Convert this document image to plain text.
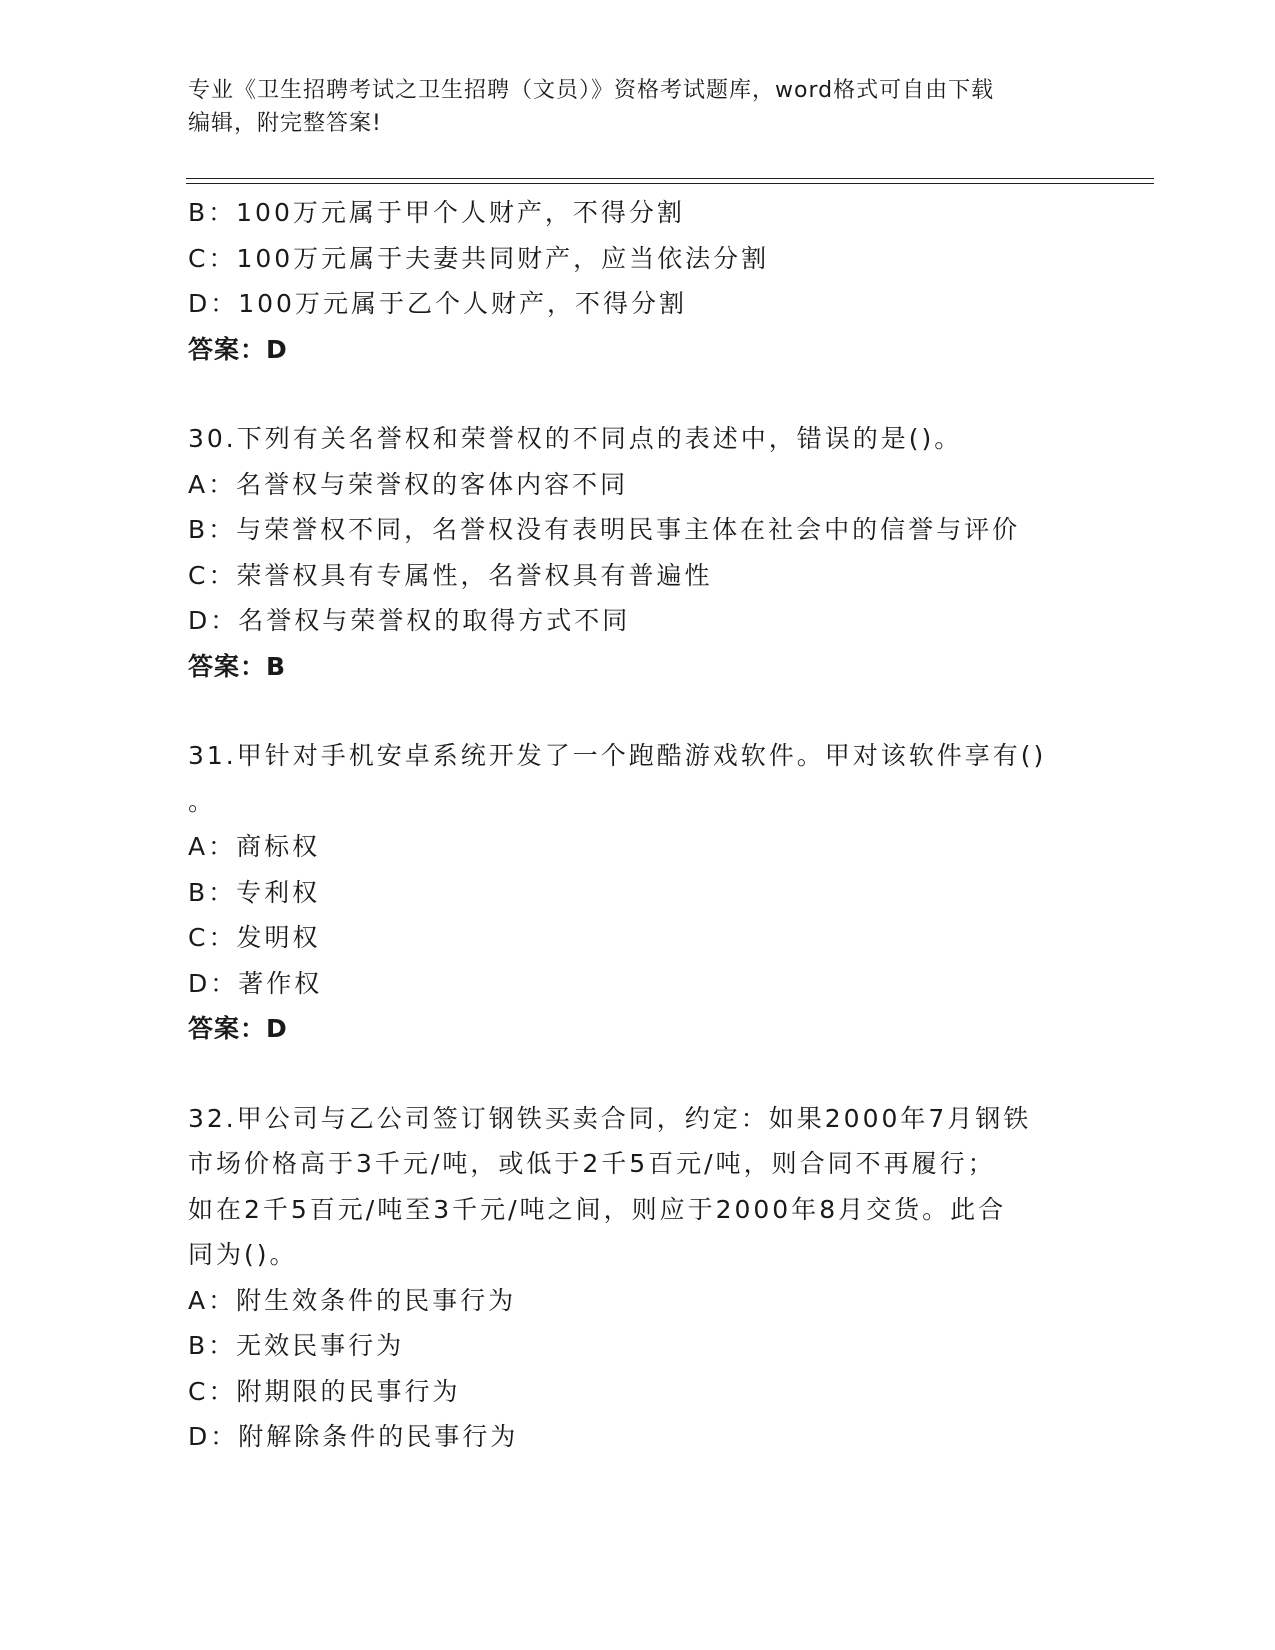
专业《卫生招聘考试之卫生招聘（文员）》资格考试题库，word格式可自由下载
编辑，附完整答案!
B：100万元属于甲个人财产，不得分割
C：100万元属于夫妻共同财产，应当依法分割
D：100万元属于乙个人财产，不得分割
答案：D
30.下列有关名誉权和荣誉权的不同点的表述中，错误的是()。
A：名誉权与荣誉权的客体内容不同
B：与荣誉权不同，名誉权没有表明民事主体在社会中的信誉与评价
C：荣誉权具有专属性，名誉权具有普遍性
D：名誉权与荣誉权的取得方式不同
答案：B
31.甲针对手机安卓系统开发了一个跑酷游戏软件。甲对该软件享有()
。
A：商标权
B：专利权
C：发明权
D：著作权
答案：D
32.甲公司与乙公司签订钢铁买卖合同，约定：如果2000年7月钢铁
市场价格高于3千元/吨，或低于2千5百元/吨，则合同不再履行；
如在2千5百元/吨至3千元/吨之间，则应于2000年8月交货。此合
同为()。
A：附生效条件的民事行为
B：无效民事行为
C：附期限的民事行为
D：附解除条件的民事行为
